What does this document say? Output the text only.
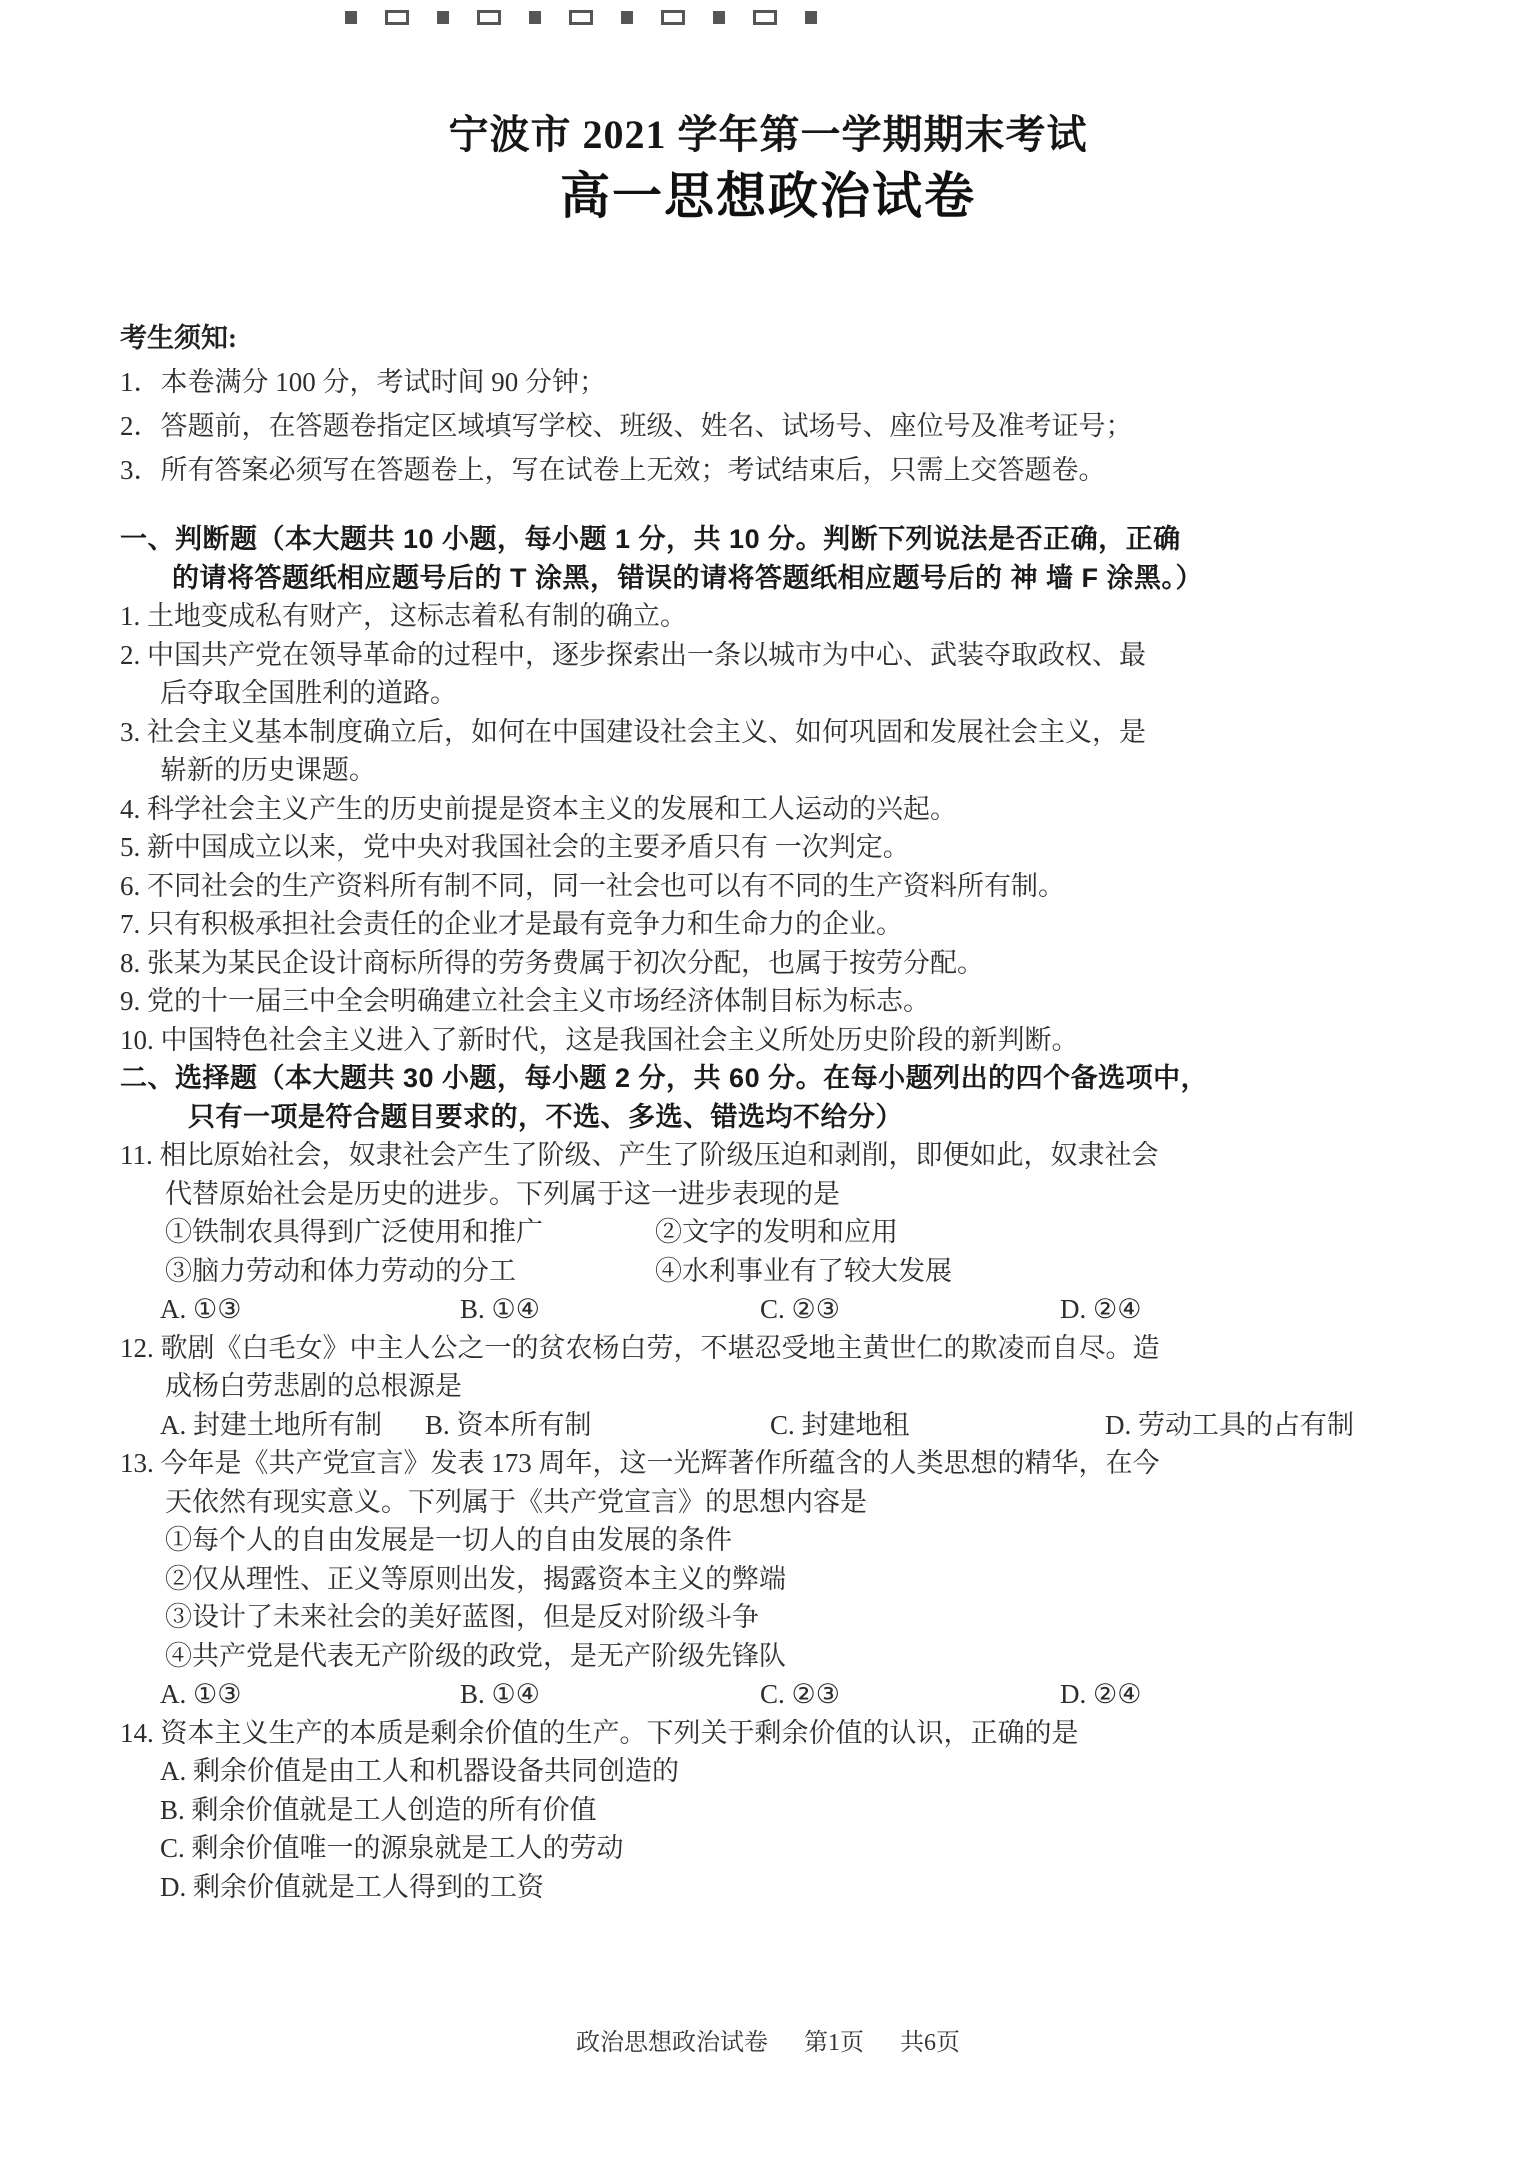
宁波市 2021 学年第一学期期末考试
高一思想政治试卷
考生须知:
1．本卷满分 100 分，考试时间 90 分钟；
2．答题前，在答题卷指定区域填写学校、班级、姓名、试场号、座位号及准考证号；
3．所有答案必须写在答题卷上，写在试卷上无效；考试结束后，只需上交答题卷。
一、判断题（本大题共 10 小题，每小题 1 分，共 10 分。判断下列说法是否正确，正确
的请将答题纸相应题号后的 T 涂黑，错误的请将答题纸相应题号后的 神 墙 F 涂黑。）
1. 土地变成私有财产，这标志着私有制的确立。
2. 中国共产党在领导革命的过程中，逐步探索出一条以城市为中心、武装夺取政权、最
后夺取全国胜利的道路。
3. 社会主义基本制度确立后，如何在中国建设社会主义、如何巩固和发展社会主义，是
崭新的历史课题。
4. 科学社会主义产生的历史前提是资本主义的发展和工人运动的兴起。
5. 新中国成立以来，党中央对我国社会的主要矛盾只有 一次判定。
6. 不同社会的生产资料所有制不同，同一社会也可以有不同的生产资料所有制。
7. 只有积极承担社会责任的企业才是最有竞争力和生命力的企业。
8. 张某为某民企设计商标所得的劳务费属于初次分配，也属于按劳分配。
9. 党的十一届三中全会明确建立社会主义市场经济体制目标为标志。
10. 中国特色社会主义进入了新时代，这是我国社会主义所处历史阶段的新判断。
二、选择题（本大题共 30 小题，每小题 2 分，共 60 分。在每小题列出的四个备选项中，
只有一项是符合题目要求的，不选、多选、错选均不给分）
11. 相比原始社会，奴隶社会产生了阶级、产生了阶级压迫和剥削，即便如此，奴隶社会
代替原始社会是历史的进步。下列属于这一进步表现的是
①铁制农具得到广泛使用和推广	②文字的发明和应用
③脑力劳动和体力劳动的分工	④水利事业有了较大发展
A. ①③	B. ①④	C. ②③	D. ②④
12. 歌剧《白毛女》中主人公之一的贫农杨白劳，不堪忍受地主黄世仁的欺凌而自尽。造
成杨白劳悲剧的总根源是
A. 封建土地所有制 B. 资本所有制	C. 封建地租	D. 劳动工具的占有制
13. 今年是《共产党宣言》发表 173 周年，这一光辉著作所蕴含的人类思想的精华，在今
天依然有现实意义。下列属于《共产党宣言》的思想内容是
①每个人的自由发展是一切人的自由发展的条件
②仅从理性、正义等原则出发，揭露资本主义的弊端
③设计了未来社会的美好蓝图，但是反对阶级斗争
④共产党是代表无产阶级的政党，是无产阶级先锋队
A. ①③	B. ①④	C. ②③	D. ②④
14. 资本主义生产的本质是剩余价值的生产。下列关于剩余价值的认识，正确的是
A. 剩余价值是由工人和机器设备共同创造的
B. 剩余价值就是工人创造的所有价值
C. 剩余价值唯一的源泉就是工人的劳动
D. 剩余价值就是工人得到的工资
政治思想政治试卷 第1页 共6页
